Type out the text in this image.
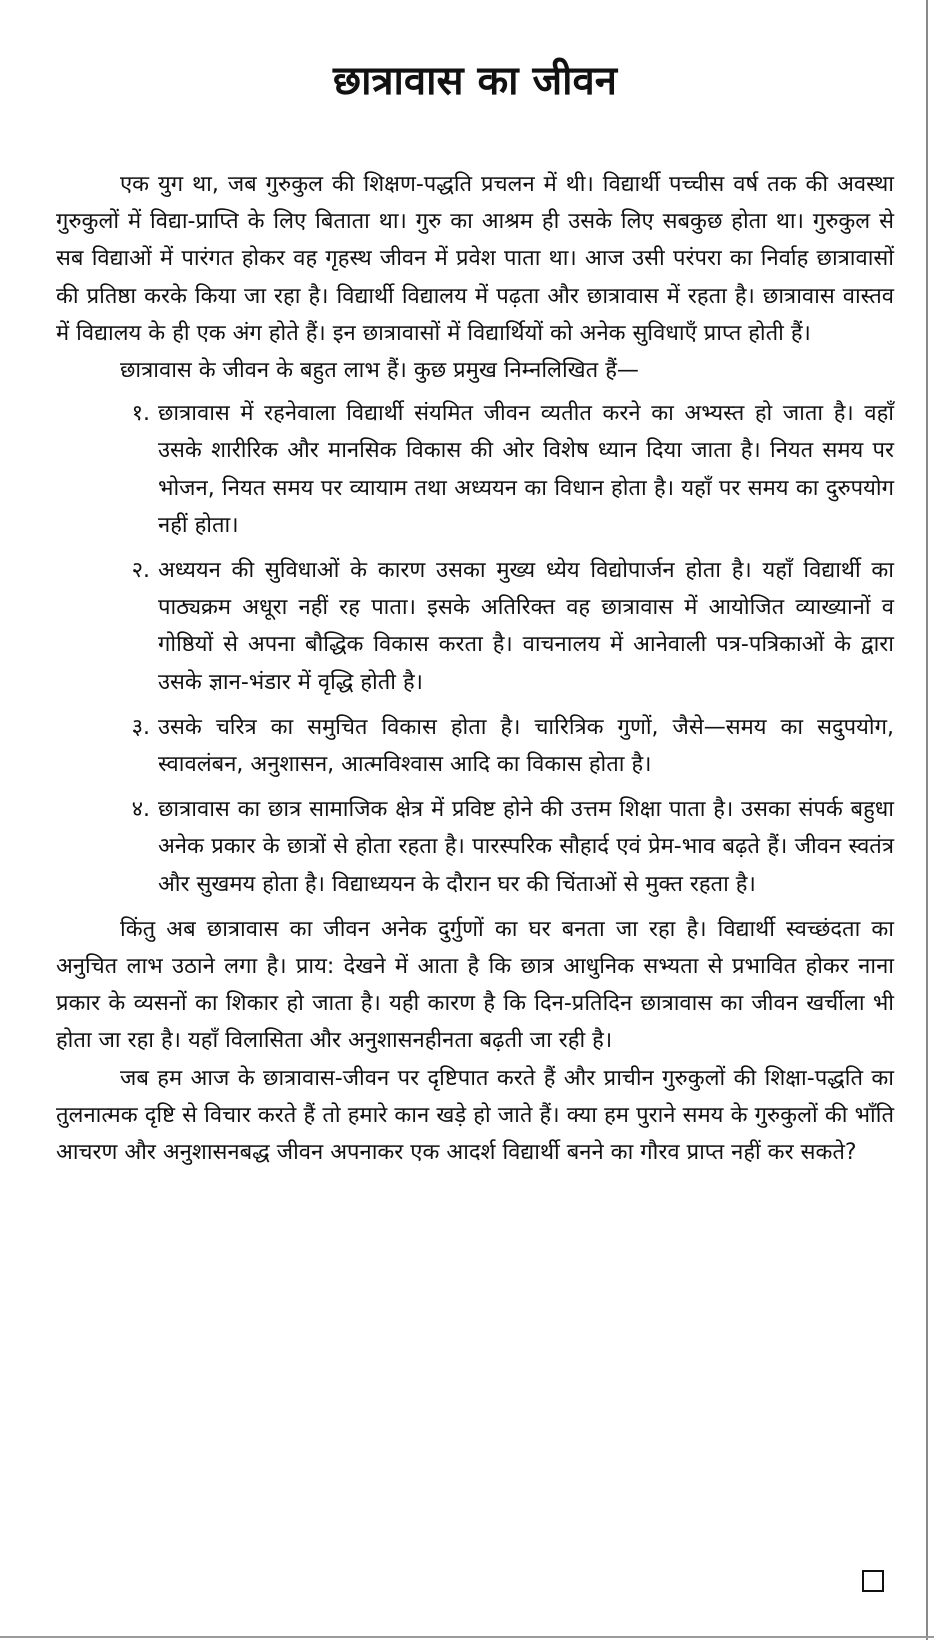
छात्रावास का जीवन

एक युग था, जब गुरुकुल की शिक्षण-पद्धति प्रचलन में थी। विद्यार्थी पच्चीस वर्ष तक की अवस्था गुरुकुलों में विद्या-प्राप्ति के लिए बिताता था। गुरु का आश्रम ही उसके लिए सबकुछ होता था। गुरुकुल से सब विद्याओं में पारंगत होकर वह गृहस्थ जीवन में प्रवेश पाता था। आज उसी परंपरा का निर्वाह छात्रावासों की प्रतिष्ठा करके किया जा रहा है। विद्यार्थी विद्यालय में पढ़ता और छात्रावास में रहता है। छात्रावास वास्तव में विद्यालय के ही एक अंग होते हैं। इन छात्रावासों में विद्यार्थियों को अनेक सुविधाएँ प्राप्त होती हैं।

छात्रावास के जीवन के बहुत लाभ हैं। कुछ प्रमुख निम्नलिखित हैं—

१. छात्रावास में रहनेवाला विद्यार्थी संयमित जीवन व्यतीत करने का अभ्यस्त हो जाता है। वहाँ उसके शारीरिक और मानसिक विकास की ओर विशेष ध्यान दिया जाता है। नियत समय पर भोजन, नियत समय पर व्यायाम तथा अध्ययन का विधान होता है। यहाँ पर समय का दुरुपयोग नहीं होता।
२. अध्ययन की सुविधाओं के कारण उसका मुख्य ध्येय विद्योपार्जन होता है। यहाँ विद्यार्थी का पाठ्यक्रम अधूरा नहीं रह पाता। इसके अतिरिक्त वह छात्रावास में आयोजित व्याख्यानों व गोष्ठियों से अपना बौद्धिक विकास करता है। वाचनालय में आनेवाली पत्र-पत्रिकाओं के द्वारा उसके ज्ञान-भंडार में वृद्धि होती है।
३. उसके चरित्र का समुचित विकास होता है। चारित्रिक गुणों, जैसे—समय का सदुपयोग, स्वावलंबन, अनुशासन, आत्मविश्वास आदि का विकास होता है।
४. छात्रावास का छात्र सामाजिक क्षेत्र में प्रविष्ट होने की उत्तम शिक्षा पाता है। उसका संपर्क बहुधा अनेक प्रकार के छात्रों से होता रहता है। पारस्परिक सौहार्द एवं प्रेम-भाव बढ़ते हैं। जीवन स्वतंत्र और सुखमय होता है। विद्याध्ययन के दौरान घर की चिंताओं से मुक्त रहता है।

किंतु अब छात्रावास का जीवन अनेक दुर्गुणों का घर बनता जा रहा है। विद्यार्थी स्वच्छंदता का अनुचित लाभ उठाने लगा है। प्राय: देखने में आता है कि छात्र आधुनिक सभ्यता से प्रभावित होकर नाना प्रकार के व्यसनों का शिकार हो जाता है। यही कारण है कि दिन-प्रतिदिन छात्रावास का जीवन खर्चीला भी होता जा रहा है। यहाँ विलासिता और अनुशासनहीनता बढ़ती जा रही है।

जब हम आज के छात्रावास-जीवन पर दृष्टिपात करते हैं और प्राचीन गुरुकुलों की शिक्षा-पद्धति का तुलनात्मक दृष्टि से विचार करते हैं तो हमारे कान खड़े हो जाते हैं। क्या हम पुराने समय के गुरुकुलों की भाँति आचरण और अनुशासनबद्ध जीवन अपनाकर एक आदर्श विद्यार्थी बनने का गौरव प्राप्त नहीं कर सकते?
